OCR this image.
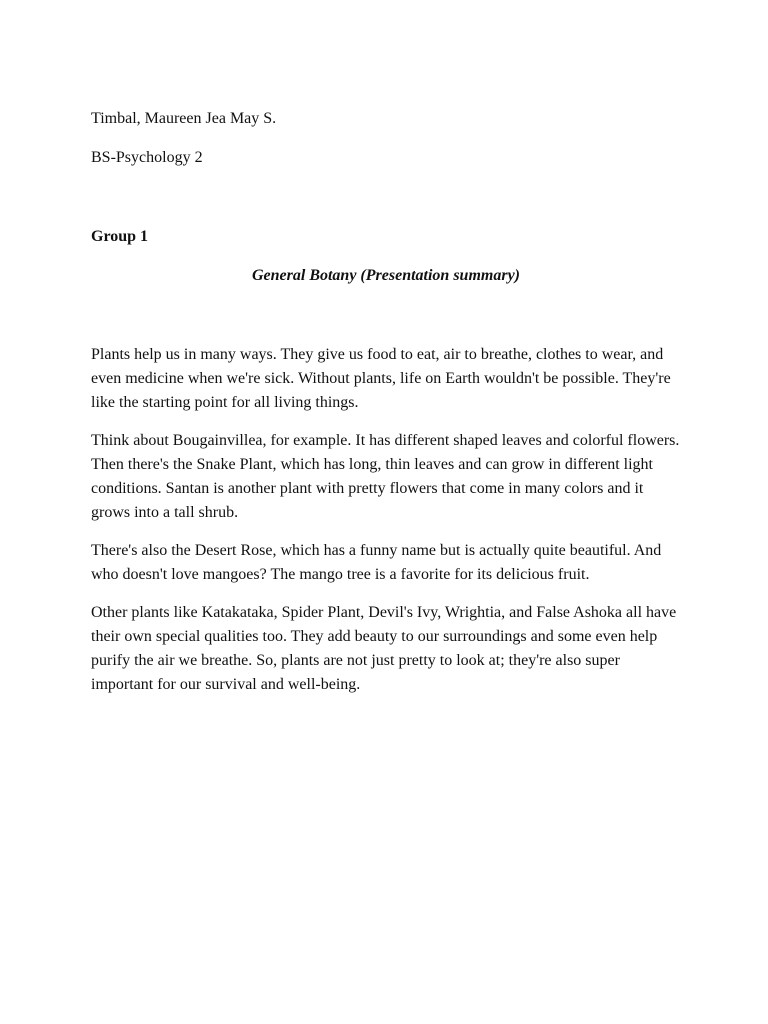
Timbal, Maureen Jea May S.

BS-Psychology 2

Group 1

General Botany (Presentation summary)

Plants help us in many ways. They give us food to eat, air to breathe, clothes to wear, and even medicine when we're sick. Without plants, life on Earth wouldn't be possible. They're like the starting point for all living things.

Think about Bougainvillea, for example. It has different shaped leaves and colorful flowers. Then there's the Snake Plant, which has long, thin leaves and can grow in different light conditions. Santan is another plant with pretty flowers that come in many colors and it grows into a tall shrub.

There's also the Desert Rose, which has a funny name but is actually quite beautiful. And who doesn't love mangoes? The mango tree is a favorite for its delicious fruit.

Other plants like Katakataka, Spider Plant, Devil's Ivy, Wrightia, and False Ashoka all have their own special qualities too. They add beauty to our surroundings and some even help purify the air we breathe. So, plants are not just pretty to look at; they're also super important for our survival and well-being.
